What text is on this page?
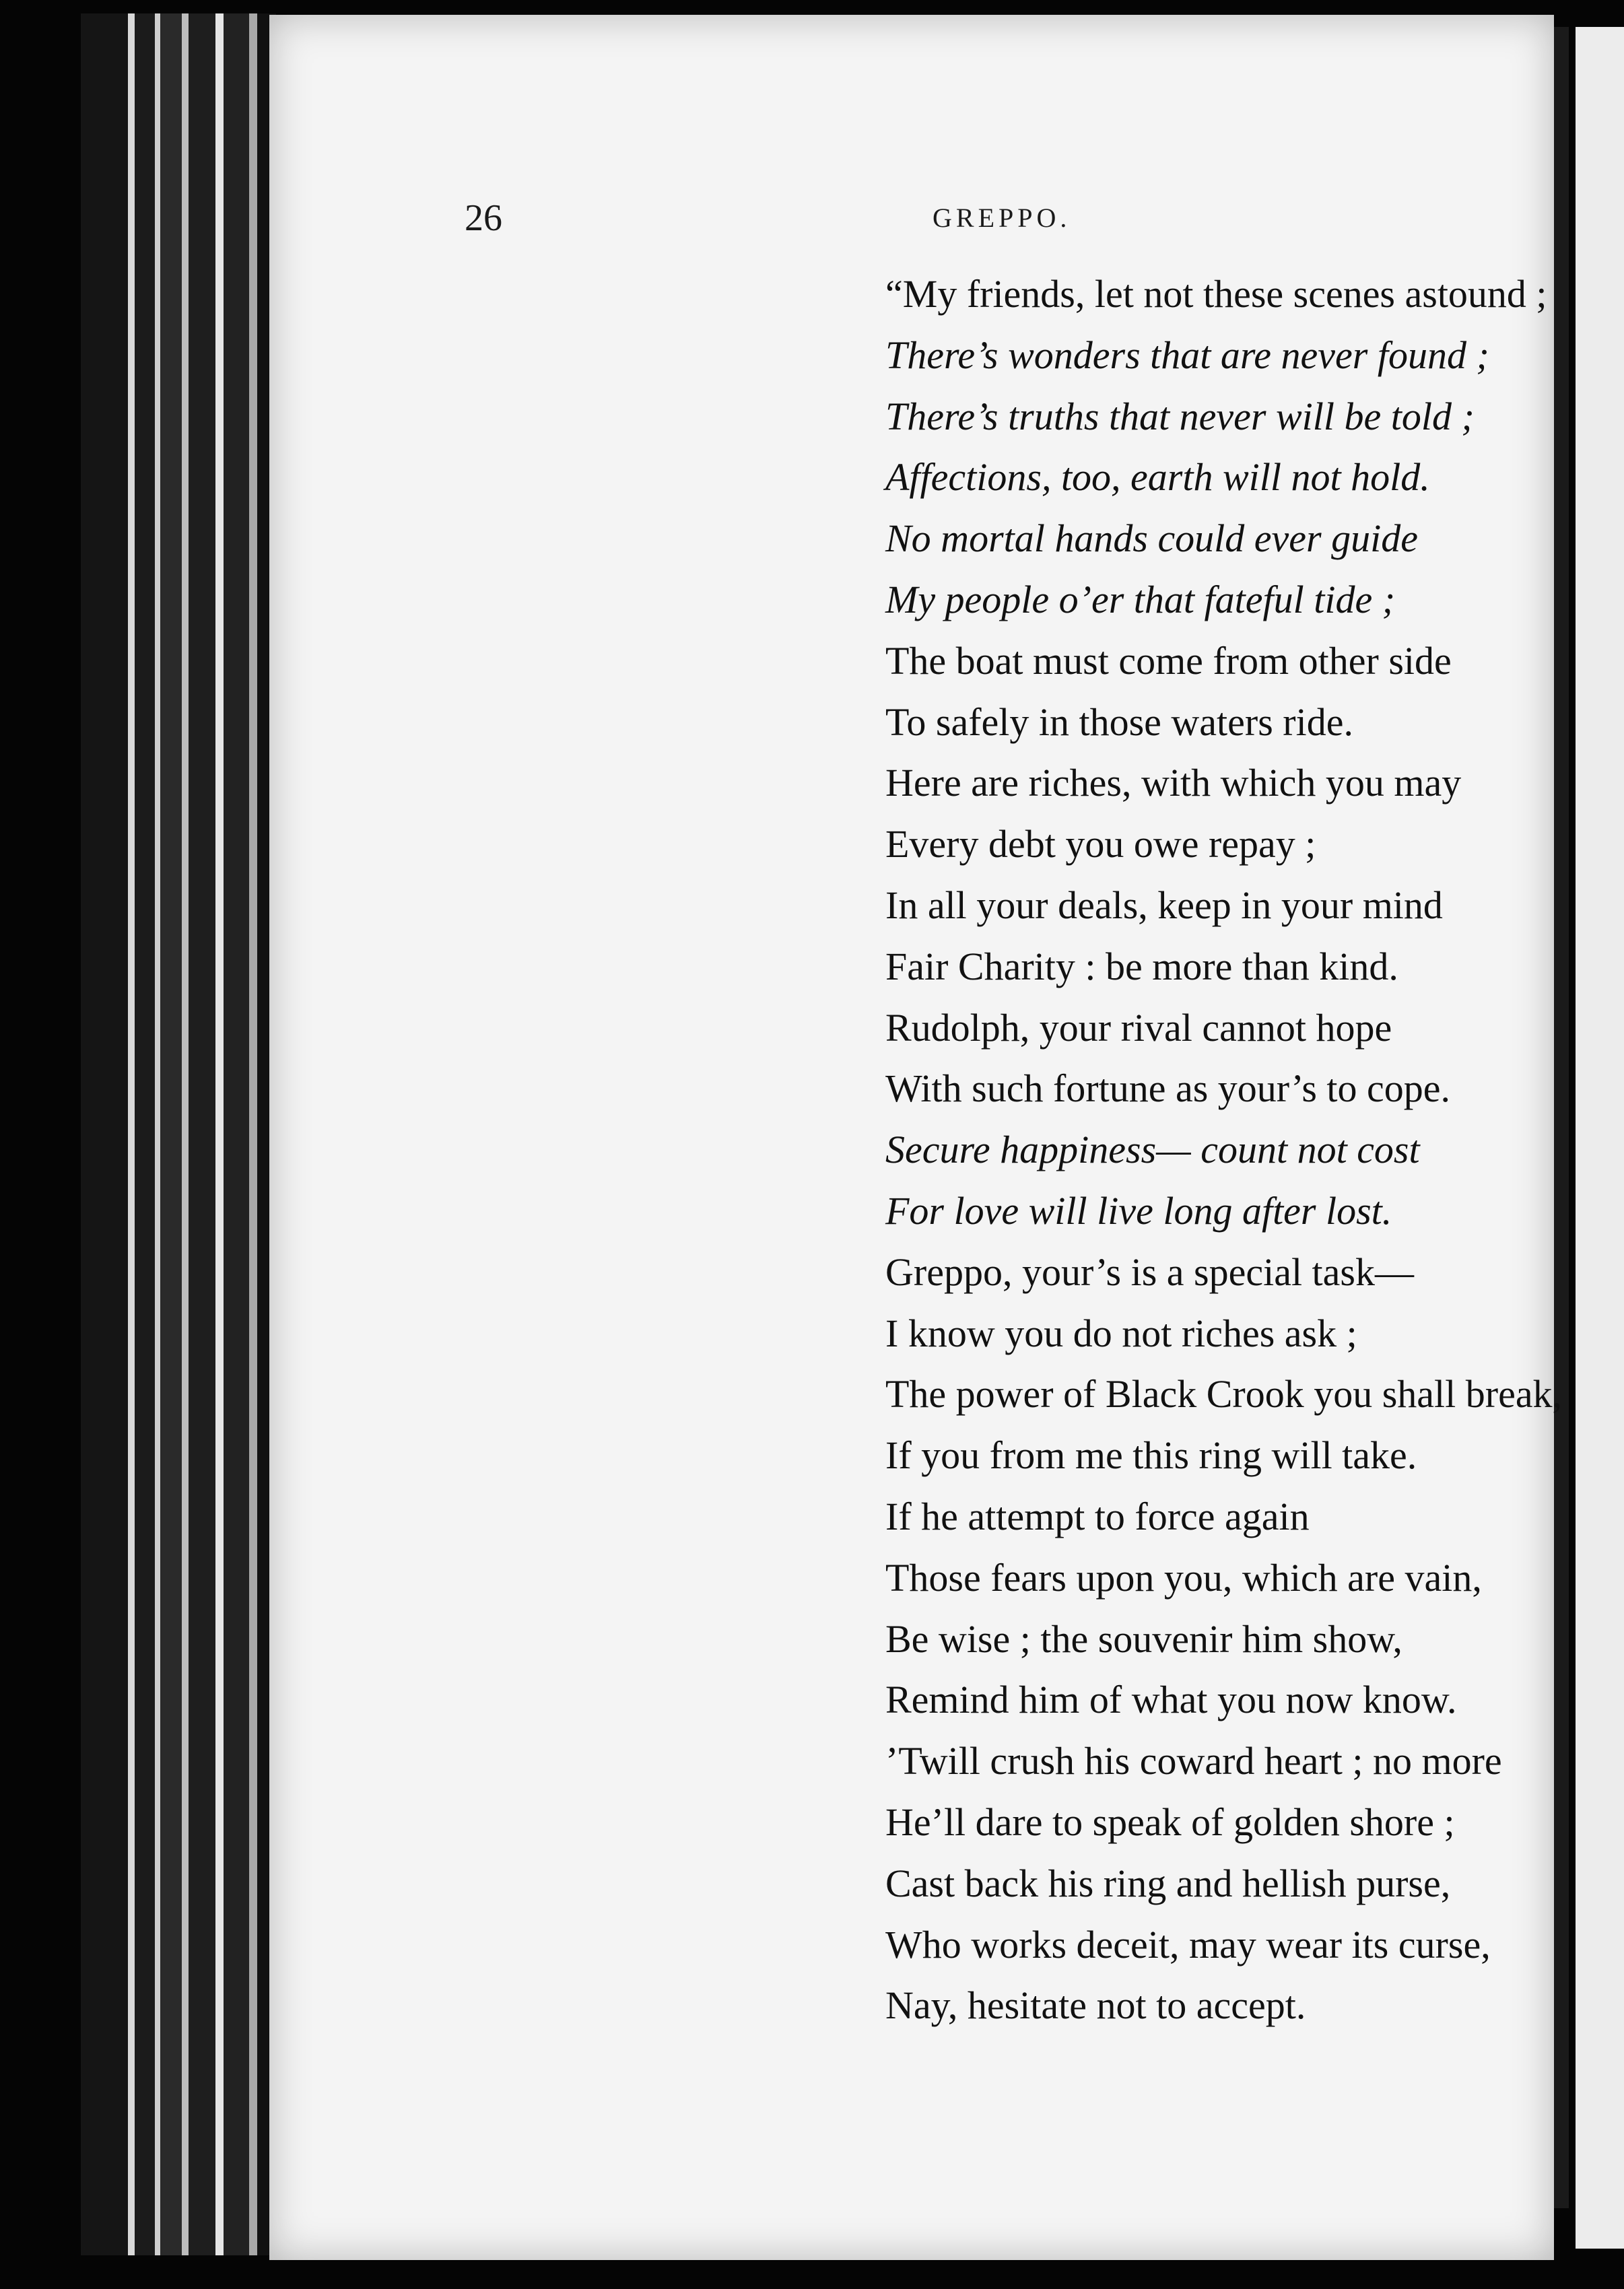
26	GREPPO.
“My friends, let not these scenes astound ;
There’s wonders that are never found ;
There’s truths that never will be told ;
Affections, too, earth will not hold.
No mortal hands could ever guide
My people o’er that fateful tide ;
The boat must come from other side
To safely in those waters ride.
Here are riches, with which you may
Every debt you owe repay ;
In all your deals, keep in your mind
Fair Charity : be more than kind.
Rudolph, your rival cannot hope
With such fortune as your’s to cope.
Secure happiness— count not cost
For love will live long after lost.
Greppo, your’s is a special task—
I know you do not riches ask ;
The power of Black Crook you shall break,
If you from me this ring will take.
If he attempt to force again
Those fears upon you, which are vain,
Be wise ; the souvenir him show,
Remind him of what you now know.
’Twill crush his coward heart ; no more
He’ll dare to speak of golden shore ;
Cast back his ring and hellish purse,
Who works deceit, may wear its curse,
Nay, hesitate not to accept.
